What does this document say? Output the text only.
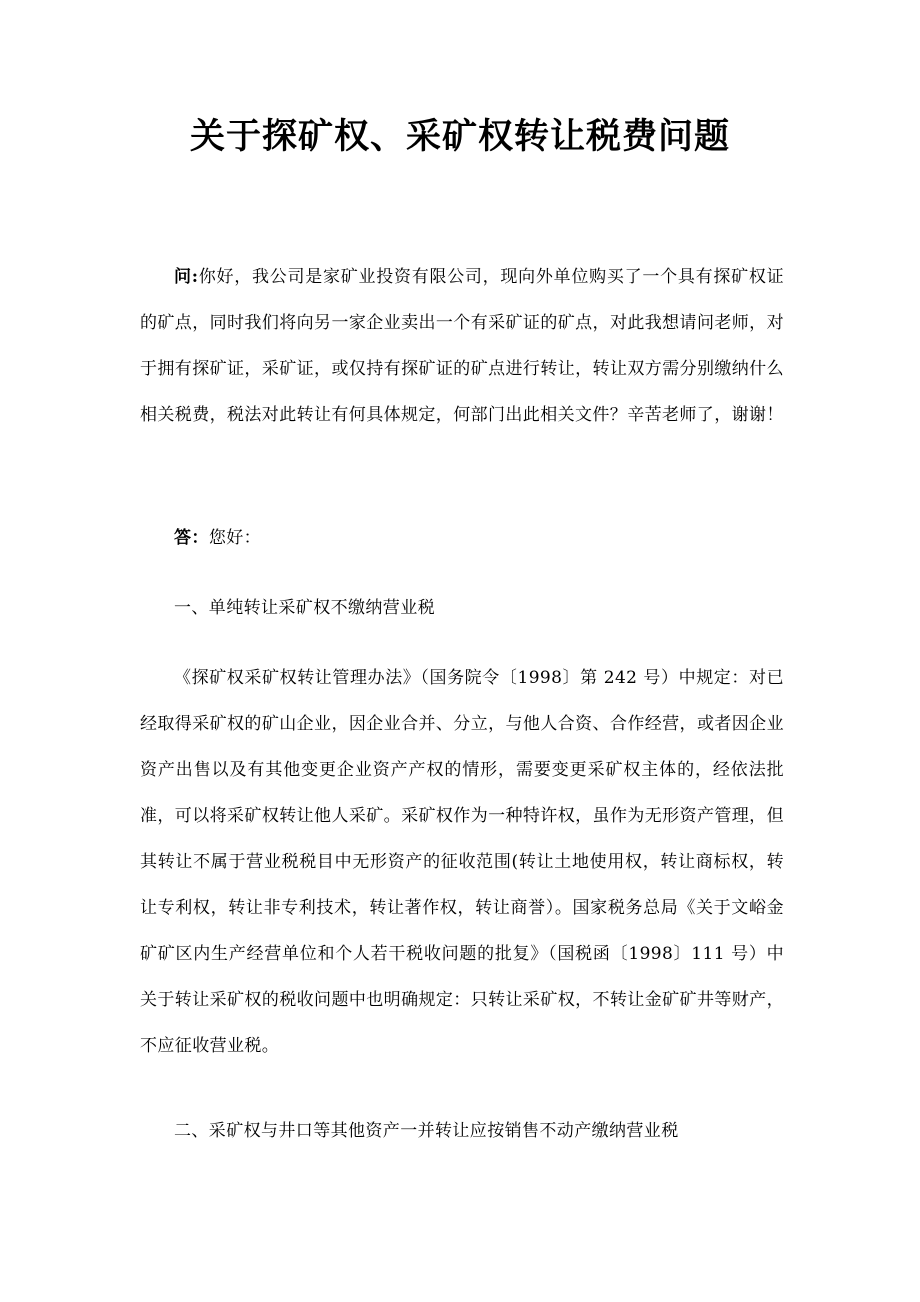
关于探矿权、采矿权转让税费问题

问:你好，我公司是家矿业投资有限公司，现向外单位购买了一个具有探矿权证的矿点，同时我们将向另一家企业卖出一个有采矿证的矿点，对此我想请问老师，对于拥有探矿证，采矿证，或仅持有探矿证的矿点进行转让，转让双方需分别缴纳什么相关税费，税法对此转让有何具体规定，何部门出此相关文件？辛苦老师了，谢谢！

答：您好：

一、单纯转让采矿权不缴纳营业税

《探矿权采矿权转让管理办法》（国务院令〔1998〕第 242 号）中规定：对已经取得采矿权的矿山企业，因企业合并、分立，与他人合资、合作经营，或者因企业资产出售以及有其他变更企业资产产权的情形，需要变更采矿权主体的，经依法批准，可以将采矿权转让他人采矿。采矿权作为一种特许权，虽作为无形资产管理，但其转让不属于营业税税目中无形资产的征收范围(转让土地使用权，转让商标权，转让专利权，转让非专利技术，转让著作权，转让商誉）。国家税务总局《关于文峪金矿矿区内生产经营单位和个人若干税收问题的批复》（国税函〔1998〕111 号）中关于转让采矿权的税收问题中也明确规定：只转让采矿权，不转让金矿矿井等财产，不应征收营业税。

二、采矿权与井口等其他资产一并转让应按销售不动产缴纳营业税
